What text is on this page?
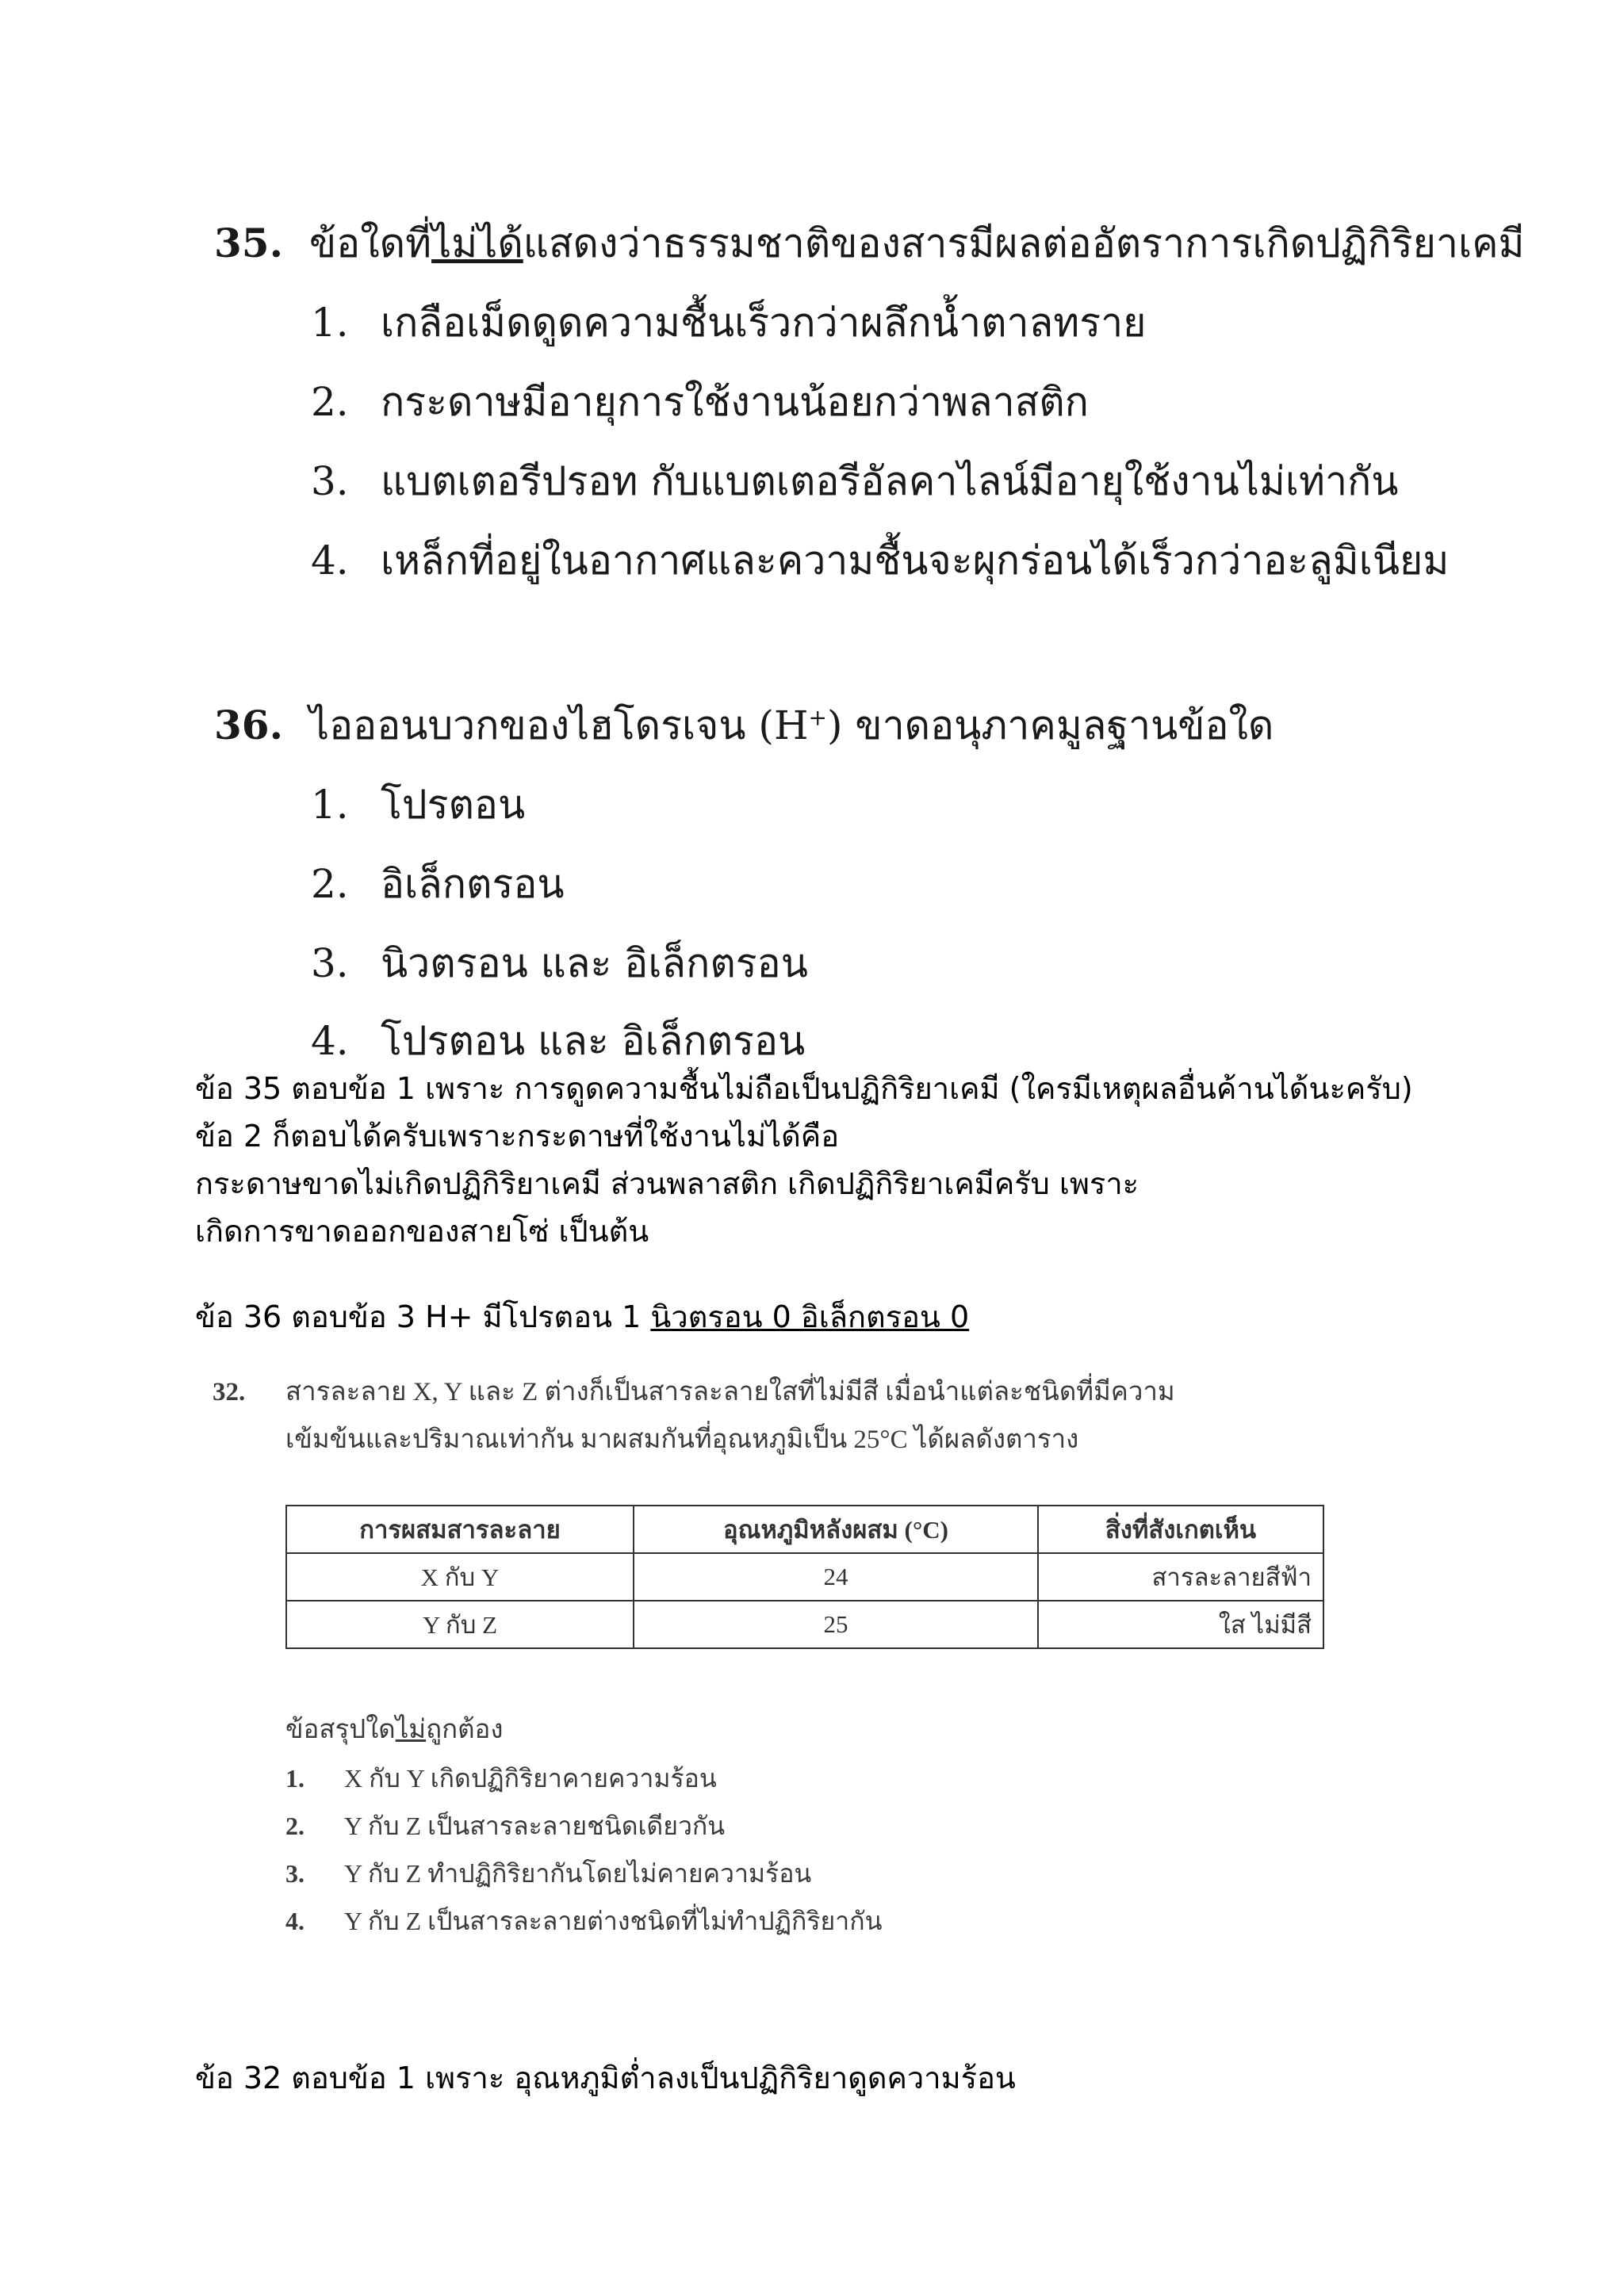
35. ข้อใดที่ไม่ได้แสดงว่าธรรมชาติของสารมีผลต่ออัตราการเกิดปฏิกิริยาเคมี
1. เกลือเม็ดดูดความชื้นเร็วกว่าผลึกน้ำตาลทราย
2. กระดาษมีอายุการใช้งานน้อยกว่าพลาสติก
3. แบตเตอรีปรอท กับแบตเตอรีอัลคาไลน์มีอายุใช้งานไม่เท่ากัน
4. เหล็กที่อยู่ในอากาศและความชื้นจะผุกร่อนได้เร็วกว่าอะลูมิเนียม
36. ไอออนบวกของไฮโดรเจน (H+) ขาดอนุภาคมูลฐานข้อใด
1. โปรตอน
2. อิเล็กตรอน
3. นิวตรอน และ อิเล็กตรอน
4. โปรตอน และ อิเล็กตรอน
ข้อ 35 ตอบข้อ 1 เพราะ การดูดความชื้นไม่ถือเป็นปฏิกิริยาเคมี (ใครมีเหตุผลอื่นค้านได้นะครับ)
ข้อ 2 ก็ตอบได้ครับเพราะกระดาษที่ใช้งานไม่ได้คือ
กระดาษขาดไม่เกิดปฏิกิริยาเคมี ส่วนพลาสติก เกิดปฏิกิริยาเคมีครับ เพราะ
เกิดการขาดออกของสายโซ่ เป็นต้น
ข้อ 36 ตอบข้อ 3 H+ มีโปรตอน 1 นิวตรอน 0 อิเล็กตรอน 0
32. สารละลาย X, Y และ Z ต่างก็เป็นสารละลายใสที่ไม่มีสี เมื่อนำแต่ละชนิดที่มีความ
เข้มข้นและปริมาณเท่ากัน มาผสมกันที่อุณหภูมิเป็น 25°C ได้ผลดังตาราง
การผสมสารละลาย	อุณหภูมิหลังผสม (°C)	สิ่งที่สังเกตเห็น
X กับ Y	24	สารละลายสีฟ้า
Y กับ Z	25	ใส ไม่มีสี
ข้อสรุปใดไม่ถูกต้อง
1. X กับ Y เกิดปฏิกิริยาคายความร้อน
2. Y กับ Z เป็นสารละลายชนิดเดียวกัน
3. Y กับ Z ทำปฏิกิริยากันโดยไม่คายความร้อน
4. Y กับ Z เป็นสารละลายต่างชนิดที่ไม่ทำปฏิกิริยากัน
ข้อ 32 ตอบข้อ 1 เพราะ อุณหภูมิต่ำลงเป็นปฏิกิริยาดูดความร้อน
